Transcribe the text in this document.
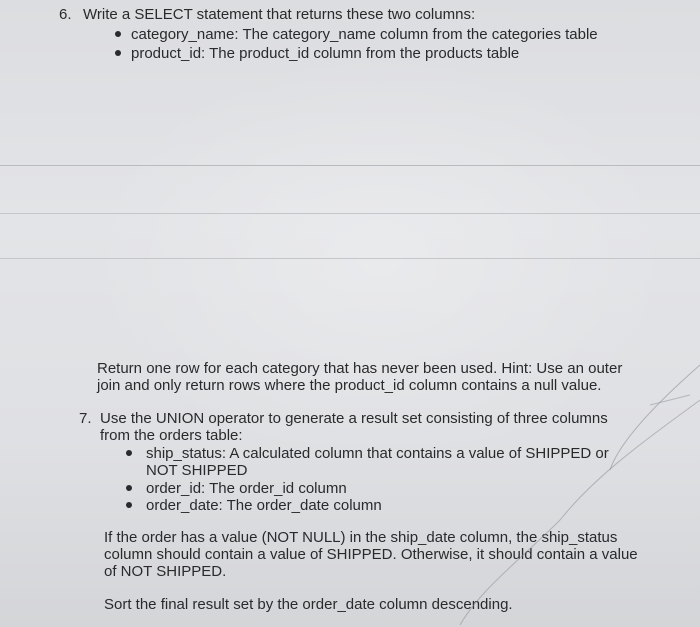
6. Write a SELECT statement that returns these two columns:
category_name: The category_name column from the categories table
product_id: The product_id column from the products table
Return one row for each category that has never been used. Hint: Use an outer
join and only return rows where the product_id column contains a null value.
7. Use the UNION operator to generate a result set consisting of three columns
from the orders table:
ship_status: A calculated column that contains a value of SHIPPED or
NOT SHIPPED
order_id: The order_id column
order_date: The order_date column
If the order has a value (NOT NULL) in the ship_date column, the ship_status
column should contain a value of SHIPPED. Otherwise, it should contain a value
of NOT SHIPPED.
Sort the final result set by the order_date column descending.
